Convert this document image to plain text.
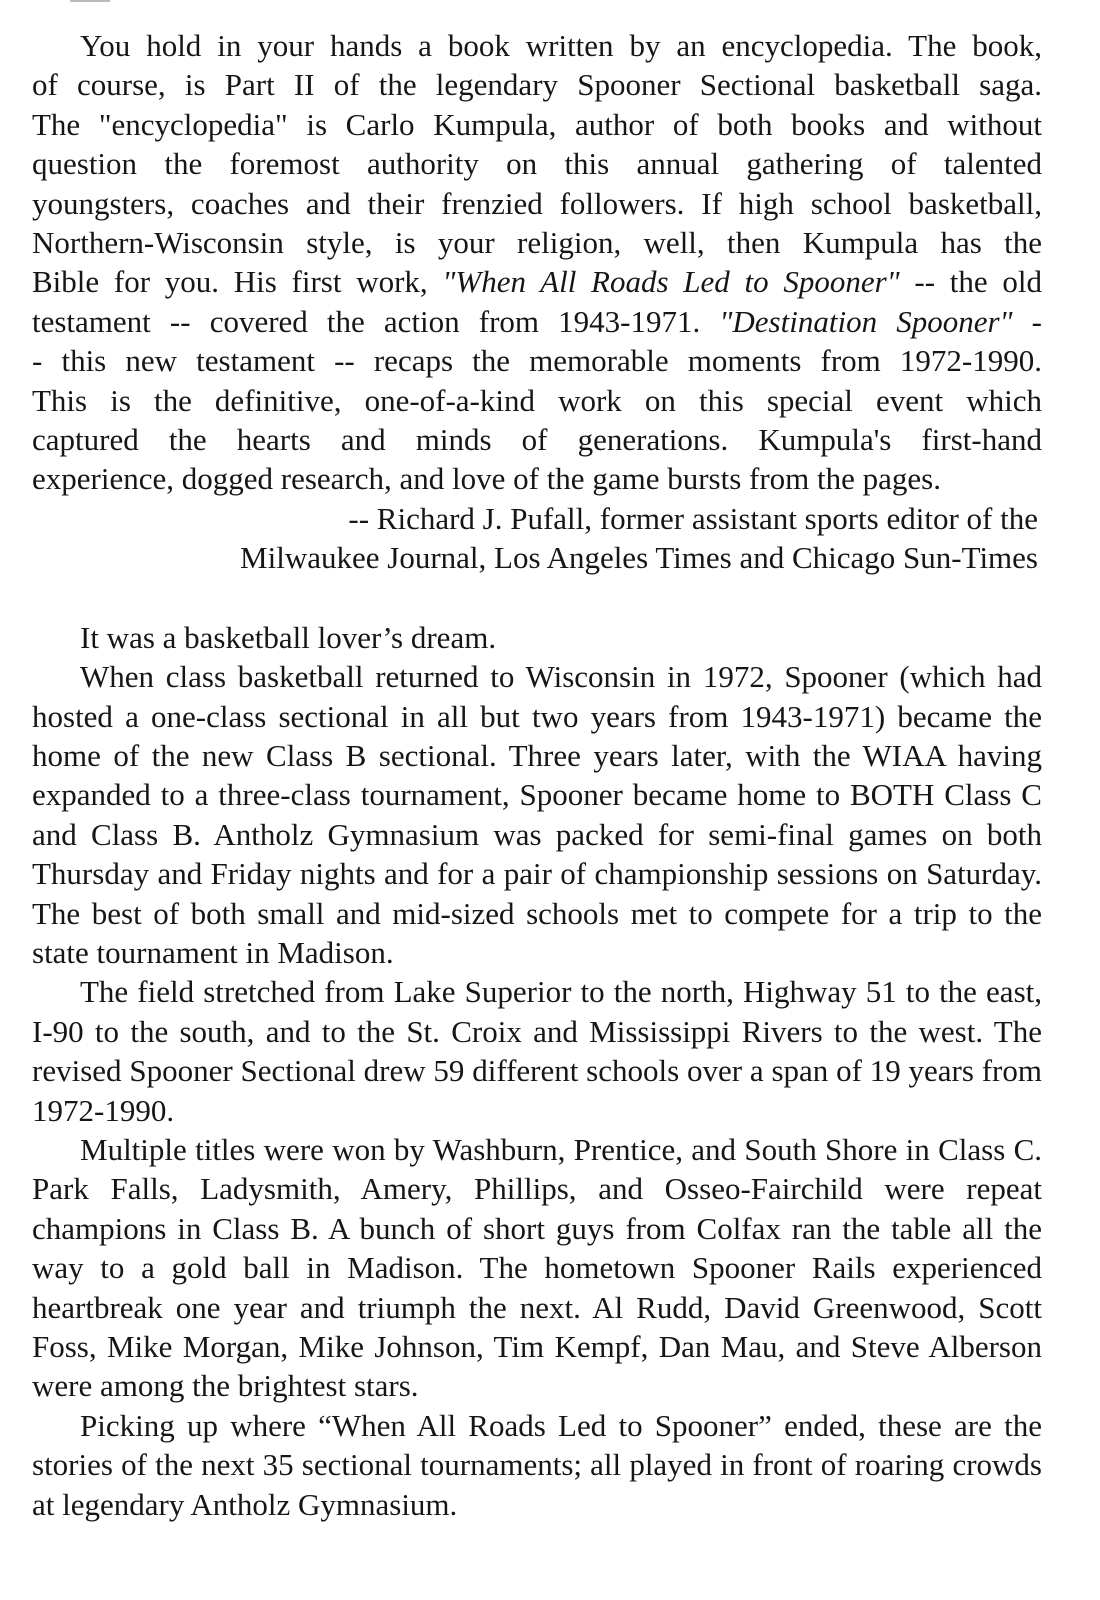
You hold in your hands a book written by an encyclopedia. The book,
of course, is Part II of the legendary Spooner Sectional basketball saga.
The "encyclopedia" is Carlo Kumpula, author of both books and without
question the foremost authority on this annual gathering of talented
youngsters, coaches and their frenzied followers. If high school basketball,
Northern-Wisconsin style, is your religion, well, then Kumpula has the
Bible for you. His first work, "When All Roads Led to Spooner" -- the old
testament -- covered the action from 1943-1971. "Destination Spooner" -
- this new testament -- recaps the memorable moments from 1972-1990.
This is the definitive, one-of-a-kind work on this special event which
captured the hearts and minds of generations. Kumpula's first-hand
experience, dogged research, and love of the game bursts from the pages.
-- Richard J. Pufall, former assistant sports editor of the
Milwaukee Journal, Los Angeles Times and Chicago Sun-Times

It was a basketball lover’s dream.

When class basketball returned to Wisconsin in 1972, Spooner (which had hosted a one-class sectional in all but two years from 1943-1971) became the home of the new Class B sectional. Three years later, with the WIAA having expanded to a three-class tournament, Spooner became home to BOTH Class C and Class B. Antholz Gymnasium was packed for semi-final games on both Thursday and Friday nights and for a pair of championship sessions on Saturday. The best of both small and mid-sized schools met to compete for a trip to the state tournament in Madison.

The field stretched from Lake Superior to the north, Highway 51 to the east, I-90 to the south, and to the St. Croix and Mississippi Rivers to the west. The revised Spooner Sectional drew 59 different schools over a span of 19 years from 1972-1990.

Multiple titles were won by Washburn, Prentice, and South Shore in Class C. Park Falls, Ladysmith, Amery, Phillips, and Osseo-Fairchild were repeat champions in Class B. A bunch of short guys from Colfax ran the table all the way to a gold ball in Madison. The hometown Spooner Rails experienced heartbreak one year and triumph the next. Al Rudd, David Greenwood, Scott Foss, Mike Morgan, Mike Johnson, Tim Kempf, Dan Mau, and Steve Alberson were among the brightest stars.

Picking up where “When All Roads Led to Spooner” ended, these are the stories of the next 35 sectional tournaments; all played in front of roaring crowds at legendary Antholz Gymnasium.
